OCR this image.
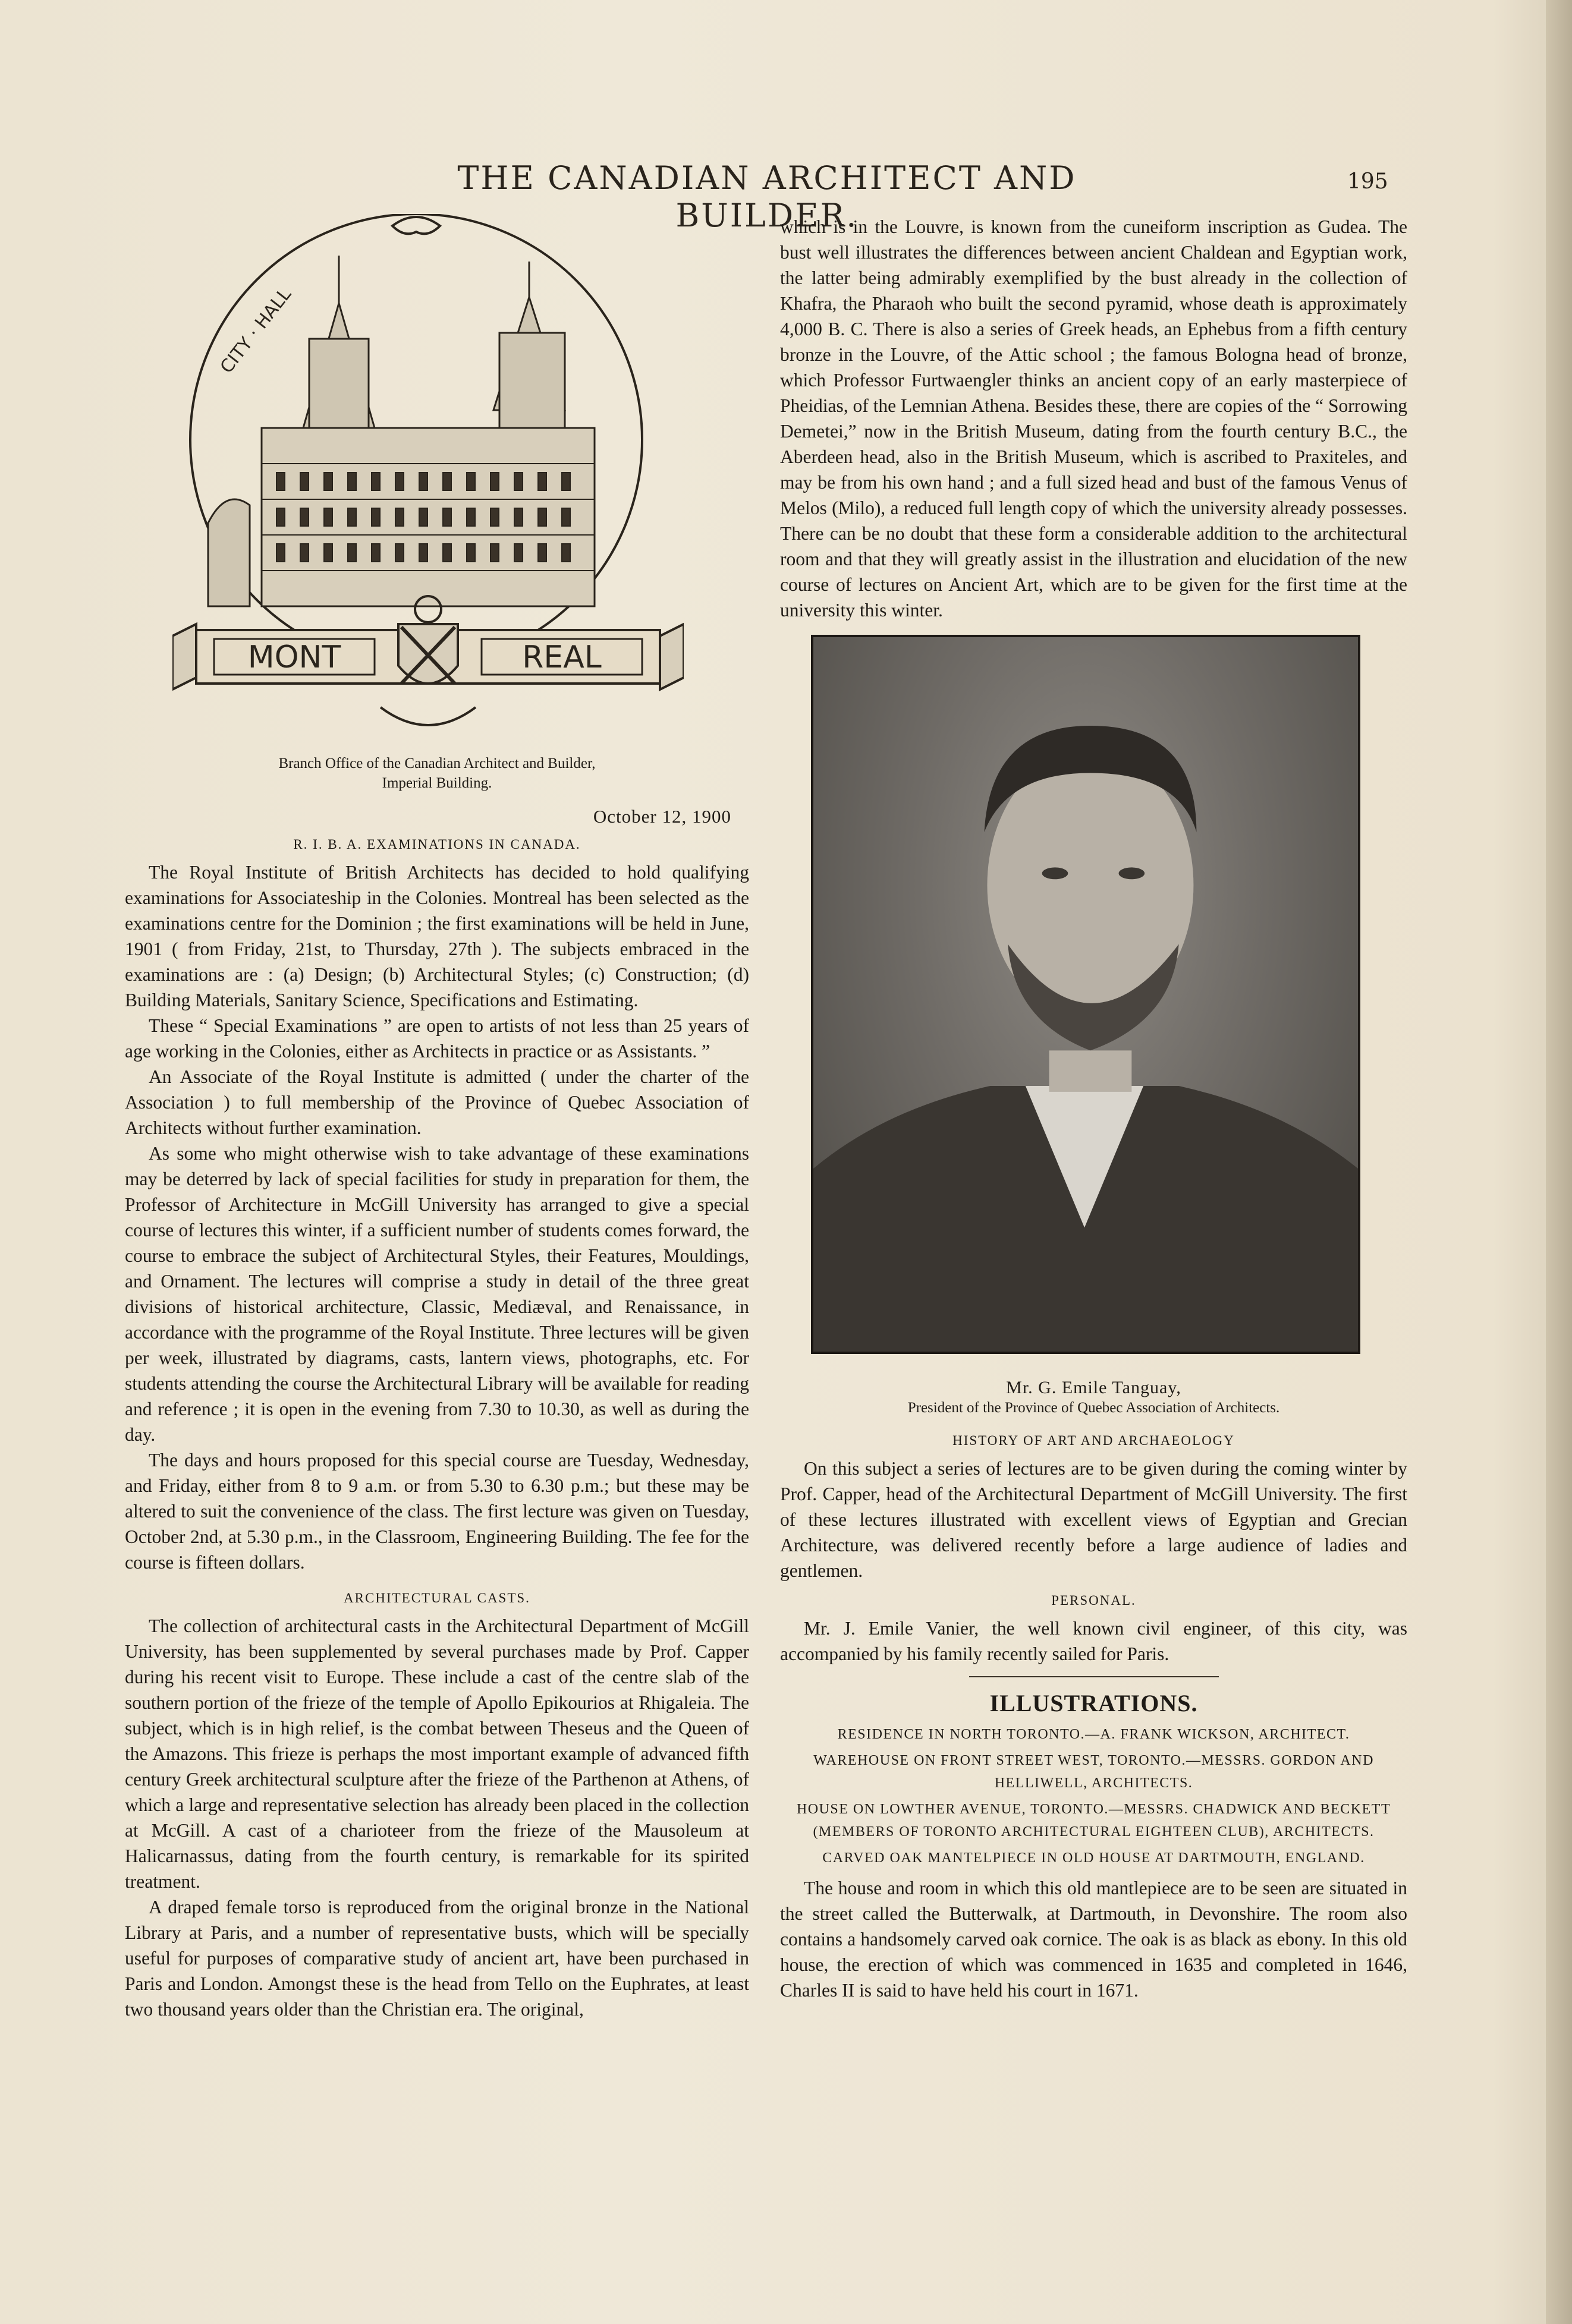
THE CANADIAN ARCHITECT AND BUILDER.
195
CITY · HALL
MONT	REAL

Branch Office of the Canadian Architect and Builder,

Imperial Building.

October 12, 1900
R. I. B. A. EXAMINATIONS IN CANADA.

The Royal Institute of British Architects has decided to hold qualifying examinations for Associateship in the Colonies. Montreal has been selected as the examinations centre for the Dominion ; the first examinations will be held in June, 1901 ( from Friday, 21st, to Thursday, 27th ). The subjects embraced in the examinations are : (a) Design; (b) Architectural Styles; (c) Construction; (d) Building Materials, Sanitary Science, Specifications and Estimating.

These “ Special Examinations ” are open to artists of not less than 25 years of age working in the Colonies, either as Architects in practice or as Assistants. ”

An Associate of the Royal Institute is admitted ( under the charter of the Association ) to full membership of the Province of Quebec Association of Architects without further examination.

As some who might otherwise wish to take advantage of these examinations may be deterred by lack of special facilities for study in preparation for them, the Professor of Architecture in McGill University has arranged to give a special course of lectures this winter, if a sufficient number of students comes forward, the course to embrace the subject of Architectural Styles, their Features, Mouldings, and Ornament. The lectures will comprise a study in detail of the three great divisions of historical architecture, Classic, Mediæval, and Renaissance, in accordance with the programme of the Royal Institute. Three lectures will be given per week, illustrated by diagrams, casts, lantern views, photographs, etc. For students attending the course the Architectural Library will be available for reading and reference ; it is open in the evening from 7.30 to 10.30, as well as during the day.

The days and hours proposed for this special course are Tuesday, Wednesday, and Friday, either from 8 to 9 a.m. or from 5.30 to 6.30 p.m.; but these may be altered to suit the convenience of the class. The first lecture was given on Tuesday, October 2nd, at 5.30 p.m., in the Classroom, Engineering Building. The fee for the course is fifteen dollars.

ARCHITECTURAL CASTS.

The collection of architectural casts in the Architectural Department of McGill University, has been supplemented by several purchases made by Prof. Capper during his recent visit to Europe. These include a cast of the centre slab of the southern portion of the frieze of the temple of Apollo Epikourios at Rhigaleia. The subject, which is in high relief, is the combat between Theseus and the Queen of the Amazons. This frieze is perhaps the most important example of advanced fifth century Greek architectural sculpture after the frieze of the Parthenon at Athens, of which a large and representative selection has already been placed in the collection at McGill. A cast of a charioteer from the frieze of the Mausoleum at Halicarnassus, dating from the fourth century, is remarkable for its spirited treatment.

A draped female torso is reproduced from the original bronze in the National Library at Paris, and a number of representative busts, which will be specially useful for purposes of comparative study of ancient art, have been purchased in Paris and London. Amongst these is the head from Tello on the Euphrates, at least two thousand years older than the Christian era. The original,

which is in the Louvre, is known from the cuneiform inscription as Gudea. The bust well illustrates the differences between ancient Chaldean and Egyptian work, the latter being admirably exemplified by the bust already in the collection of Khafra, the Pharaoh who built the second pyramid, whose death is approximately 4,000 B. C. There is also a series of Greek heads, an Ephebus from a fifth century bronze in the Louvre, of the Attic school ; the famous Bologna head of bronze, which Professor Furtwaengler thinks an ancient copy of an early masterpiece of Pheidias, of the Lemnian Athena. Besides these, there are copies of the “ Sorrowing Demetei,” now in the British Museum, dating from the fourth century B.C., the Aberdeen head, also in the British Museum, which is ascribed to Praxiteles, and may be from his own hand ; and a full sized head and bust of the famous Venus of Melos (Milo), a reduced full length copy of which the university already possesses. There can be no doubt that these form a considerable addition to the architectural room and that they will greatly assist in the illustration and elucidation of the new course of lectures on Ancient Art, which are to be given for the first time at the university this winter.

Mr. G. Emile Tanguay,

President of the Province of Quebec Association of Architects.

HISTORY OF ART AND ARCHAEOLOGY

On this subject a series of lectures are to be given during the coming winter by Prof. Capper, head of the Architectural Department of McGill University. The first of these lectures illustrated with excellent views of Egyptian and Grecian Architecture, was delivered recently before a large audience of ladies and gentlemen.

PERSONAL.

Mr. J. Emile Vanier, the well known civil engineer, of this city, was accompanied by his family recently sailed for Paris.

ILLUSTRATIONS.

RESIDENCE IN NORTH TORONTO.—A. FRANK WICKSON, ARCHITECT.

WAREHOUSE ON FRONT STREET WEST, TORONTO.—MESSRS. GORDON AND HELLIWELL, ARCHITECTS.

HOUSE ON LOWTHER AVENUE, TORONTO.—MESSRS. CHADWICK AND BECKETT (MEMBERS OF TORONTO ARCHITECTURAL EIGHTEEN CLUB), ARCHITECTS.

CARVED OAK MANTELPIECE IN OLD HOUSE AT DARTMOUTH, ENGLAND.

The house and room in which this old mantlepiece are to be seen are situated in the street called the Butterwalk, at Dartmouth, in Devonshire. The room also contains a handsomely carved oak cornice. The oak is as black as ebony. In this old house, the erection of which was commenced in 1635 and completed in 1646, Charles II is said to have held his court in 1671.
